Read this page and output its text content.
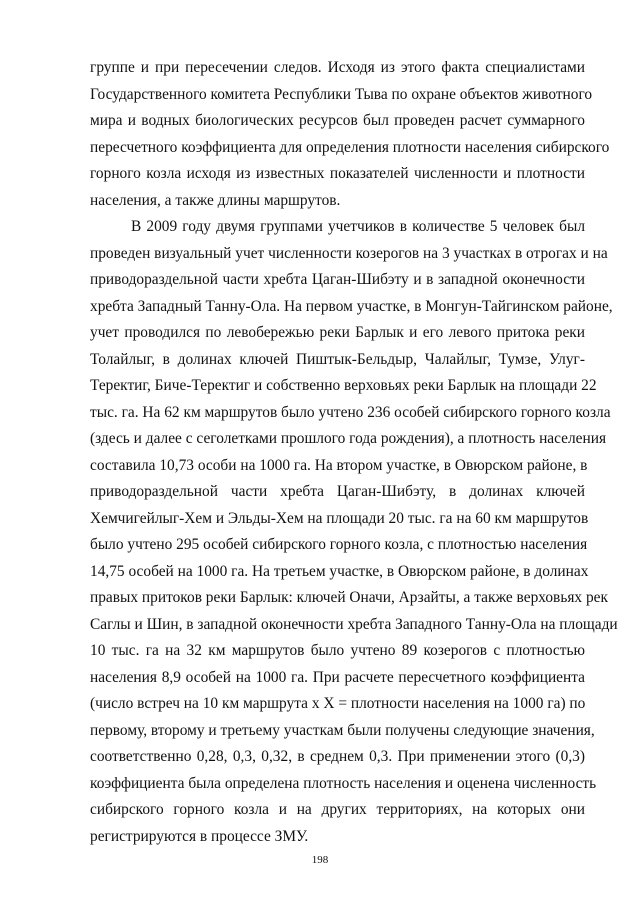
группе и при пересечении следов. Исходя из этого факта специалистами
Государственного комитета Республики Тыва по охране объектов животного
мира и водных биологических ресурсов был проведен расчет суммарного
пересчетного коэффициента для определения плотности населения сибирского
горного козла исходя из известных показателей численности и плотности
населения, а также длины маршрутов.
В 2009 году двумя группами учетчиков в количестве 5 человек был
проведен визуальный учет численности козерогов на 3 участках в отрогах и на
приводораздельной части хребта Цаган-Шибэту и в западной оконечности
хребта Западный Танну-Ола. На первом участке, в Монгун-Тайгинском районе,
учет проводился по левобережью реки Барлык и его левого притока реки
Толайлыг, в долинах ключей Пиштык-Бельдыр, Чалайлыг, Тумзе, Улуг-
Теректиг, Биче-Теректиг и собственно верховьях реки Барлык на площади 22
тыс. га. На 62 км маршрутов было учтено 236 особей сибирского горного козла
(здесь и далее с сеголетками прошлого года рождения), а плотность населения
составила 10,73 особи на 1000 га. На втором участке, в Овюрском районе, в
приводораздельной части хребта Цаган-Шибэту, в долинах ключей
Хемчигейлыг-Хем и Эльды-Хем на площади 20 тыс. га на 60 км маршрутов
было учтено 295 особей сибирского горного козла, с плотностью населения
14,75 особей на 1000 га. На третьем участке, в Овюрском районе, в долинах
правых притоков реки Барлык: ключей Оначи, Арзайты, а также верховьях рек
Саглы и Шин, в западной оконечности хребта Западного Танну-Ола на площади
10 тыс. га на 32 км маршрутов было учтено 89 козерогов с плотностью
населения 8,9 особей на 1000 га. При расчете пересчетного коэффициента
(число встреч на 10 км маршрута х Х = плотности населения на 1000 га) по
первому, второму и третьему участкам были получены следующие значения,
соответственно 0,28, 0,3, 0,32, в среднем 0,3. При применении этого (0,3)
коэффициента была определена плотность населения и оценена численность
сибирского горного козла и на других территориях, на которых они
регистрируются в процессе ЗМУ.
198
